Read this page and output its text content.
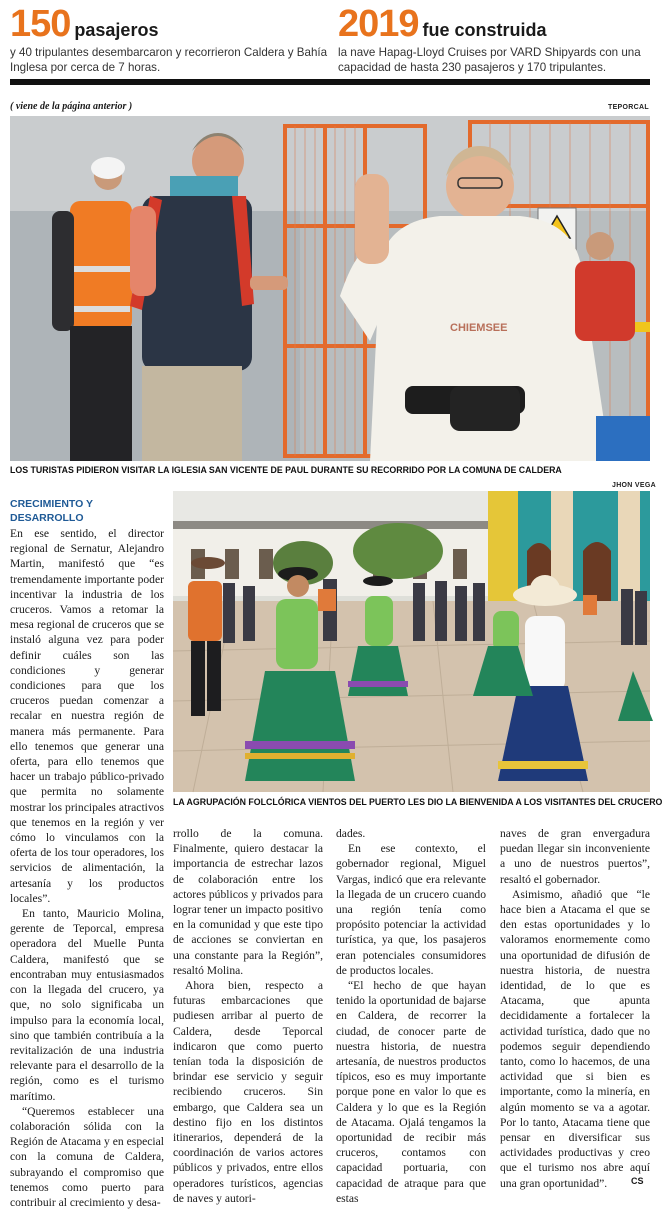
150 pasajeros
y 40 tripulantes desembarcaron y recorrieron Caldera y Bahía Inglesa por cerca de 7 horas.
2019 fue construida
la nave Hapag-Lloyd Cruises por VARD Shipyards con una capacidad de hasta 230 pasajeros y 170 tripulantes.
( viene de la página anterior )	TEPORCAL
CHIEMSEE
LOS TURISTAS PIDIERON VISITAR LA IGLESIA SAN VICENTE DE PAUL DURANTE SU RECORRIDO POR LA COMUNA DE CALDERA
JHON VEGA
CRECIMIENTO Y DESARROLLO

En ese sentido, el director regional de Sernatur, Alejandro Martin, manifestó que “es tremendamente importante poder incentivar la industria de los cruceros. Vamos a retomar la mesa regional de cruceros que se instaló alguna vez para poder definir cuáles son las condiciones y generar condiciones para que los cruceros puedan comenzar a recalar en nuestra región de manera más permanente. Para ello tenemos que generar una oferta, para ello tenemos que hacer un trabajo público-privado que permita no solamente mostrar los principales atractivos que tenemos en la región y ver cómo lo vinculamos con la oferta de los tour operadores, los servicios de alimentación, la artesanía y los productos locales”.

En tanto, Mauricio Molina, gerente de Teporcal, empresa operadora del Muelle Punta Caldera, manifestó que se encontraban muy entusiasmados con la llegada del crucero, ya que, no solo significaba un impulso para la economía local, sino que también contribuía a la revitalización de una industria relevante para el desarrollo de la región, como es el turismo marítimo.

“Queremos establecer una colaboración sólida con la Región de Atacama y en especial con la comuna de Caldera, subrayando el compromiso que tenemos como puerto para contribuir al crecimiento y desa-

LA AGRUPACIÓN FOLCLÓRICA VIENTOS DEL PUERTO LES DIO LA BIENVENIDA A LOS VISITANTES DEL CRUCERO

rrollo de la comuna. Finalmente, quiero destacar la importancia de estrechar lazos de colaboración entre los actores públicos y privados para lograr tener un impacto positivo en la comunidad y que este tipo de acciones se conviertan en una constante para la Región”, resaltó Molina.

Ahora bien, respecto a futuras embarcaciones que pudiesen arribar al puerto de Caldera, desde Teporcal indicaron que como puerto tenían toda la disposición de brindar ese servicio y seguir recibiendo cruceros. Sin embargo, que Caldera sea un destino fijo en los distintos itinerarios, dependerá de la coordinación de varios actores públicos y privados, entre ellos operadores turísticos, agencias de naves y autori-

dades.

En ese contexto, el gobernador regional, Miguel Vargas, indicó que era relevante la llegada de un crucero cuando una región tenía como propósito potenciar la actividad turística, ya que, los pasajeros eran potenciales consumidores de productos locales.

“El hecho de que hayan tenido la oportunidad de bajarse en Caldera, de recorrer la ciudad, de conocer parte de nuestra historia, de nuestra artesanía, de nuestros productos típicos, eso es muy importante porque pone en valor lo que es Caldera y lo que es la Región de Atacama. Ojalá tengamos la oportunidad de recibir más cruceros, contamos con capacidad portuaria, con capacidad de atraque para que estas

naves de gran envergadura puedan llegar sin inconveniente a uno de nuestros puertos”, resaltó el gobernador.

Asimismo, añadió que “le hace bien a Atacama el que se den estas oportunidades y lo valoramos enormemente como una oportunidad de difusión de nuestra historia, de nuestra identidad, de lo que es Atacama, que apunta decididamente a fortalecer la actividad turística, dado que no podemos seguir dependiendo tanto, como lo hacemos, de una actividad que si bien es importante, como la minería, en algún momento se va a agotar. Por lo tanto, Atacama tiene que pensar en diversificar sus actividades productivas y creo que el turismo nos abre aquí una gran oportunidad”.	CS
